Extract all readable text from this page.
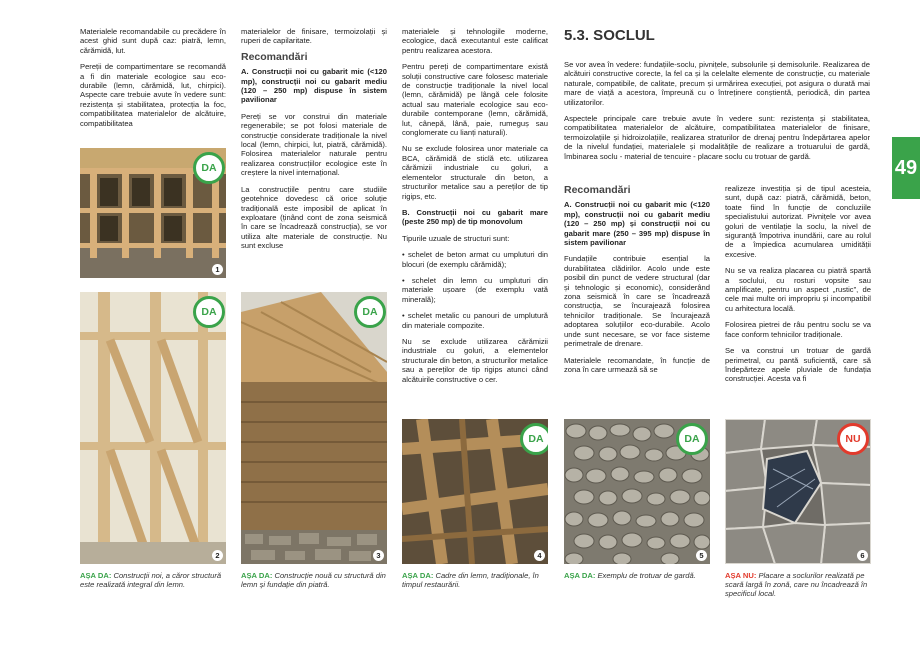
Materialele recomandabile cu precădere în acest ghid sunt după caz: piatră, lemn, cărămidă, lut.

Pereții de compartimentare se recomandă a fi din materiale ecologice sau eco-durabile (lemn, cărămidă, lut, chirpici). Aspecte care trebuie avute în vedere sunt: rezistența și stabilitatea, protecția la foc, compatibilitatea materialelor de alcătuire, compatibilitatea

materialelor de finisare, termoizolații și ruperi de capilaritate.

Recomandări

A. Construcții noi cu gabarit mic (<120 mp), construcții noi cu gabarit mediu (120 – 250 mp) dispuse în sistem pavilionar

Pereți se vor construi din materiale regenerabile; se pot folosi materiale de construcție considerate tradiționale la nivel local (lemn, chirpici, lut, piatră, cărămidă). Folosirea materialelor naturale pentru realizarea construcțiilor ecologice este în creștere la nivel internațional.

La construcțiile pentru care studiile geotehnice dovedesc că orice soluție tradițională este imposibil de aplicat în exploatare (ținând cont de zona seismică în care se încadrează construcția), se vor utiliza alte materiale de construcție. Nu sunt excluse

materialele și tehnologiile moderne, ecologice, dacă executantul este calificat pentru realizarea acestora.

Pentru pereți de compartimentare există soluții constructive care folosesc materiale de construcție tradiționale la nivel local (lemn, cărămidă) pe lângă cele folosite actual sau materiale ecologice sau eco-durabile contemporane (lemn, cărămidă, lut, cânepă, lână, paie, rumeguș sau conglomerate cu lianți naturali).

Nu se exclude folosirea unor materiale ca BCA, cărămidă de sticlă etc. utilizarea cărămizii industriale cu goluri, a elementelor structurale din beton, a structurilor metalice sau a pereților de tip rigips, etc.

B. Construcții noi cu gabarit mare (peste 250 mp) de tip monovolum

Tipurile uzuale de structuri sunt:

• schelet de beton armat cu umpluturi din blocuri (de exemplu cărămidă);

• schelet din lemn cu umpluturi din materiale ușoare (de exemplu vată minerală);

• schelet metalic cu panouri de umplutură din materiale compozite.

Nu se exclude utilizarea cărămizii industriale cu goluri, a elementelor structurale din beton, a structurilor metalice sau a pereților de tip rigips atunci când alcătuirile constructive o cer.

5.3. SOCLUL

Se vor avea în vedere: fundațiile-soclu, pivnițele, subsolurile și demisolurile. Realizarea de alcătuiri constructive corecte, la fel ca și la celelalte elemente de construcție, cu materiale naturale, compatibile, de calitate, precum și urmărirea execuției, pot asigura o durată mai mare de viață a acestora, împreună cu o întreținere conștientă, periodică, din partea utilizatorilor.

Aspectele principale care trebuie avute în vedere sunt: rezistența și stabilitatea, compatibilitatea materialelor de alcătuire, compatibilitatea materialelor de finisare, termoizolațiile și hidroizolațiile, realizarea straturilor de drenaj pentru îndepărtarea apelor de la nivelul fundației, materialele și modalitățile de realizare a trotuarului de gardă, îmbinarea soclu - material de tencuire - placare soclu cu trotuar de gardă.

Recomandări

A. Construcții noi cu gabarit mic (<120 mp), construcții noi cu gabarit mediu (120 – 250 mp) și construcții noi cu gabarit mare (250 – 395 mp) dispuse în sistem pavilionar

Fundațiile contribuie esențial la durabilitatea clădirilor. Acolo unde este posibil din punct de vedere structural (dar și tehnologic și economic), considerând zona seismică în care se încadrează construcția, se încurajează folosirea tehnicilor tradiționale. Se încurajează adoptarea soluțiilor eco-durabile. Acolo unde sunt necesare, se vor face sisteme perimetrale de drenare.

Materialele recomandate, în funcție de zona în care urmează să se

realizeze investiția și de tipul acesteia, sunt, după caz: piatră, cărămidă, beton, toate fiind în funcție de concluziile specialistului autorizat. Pivnițele vor avea goluri de ventilație la soclu, la nivel de siguranță împotriva inundării, care au rolul de a împiedica acumularea umidității excesive.

Nu se va realiza placarea cu piatră spartă a soclului, cu rosturi vopsite sau amplificate, pentru un aspect „rustic”, de cele mai multe ori impropriu și incompatibil cu arhitectura locală.

Folosirea pietrei de râu pentru soclu se va face conform tehnicilor tradiționale.

Se va construi un trotuar de gardă perimetral, cu pantă suficientă, care să îndepărteze apele pluviale de fundația construcției. Acesta va fi

49
DA
1
DA
2
DA
3
DA
4
DA
5
NU
6
AȘA DA: Construcții noi, a căror structură este realizată integral din lemn.
AȘA DA: Construcție nouă cu structură din lemn și fundație din piatră.
AȘA DA: Cadre din lemn, tradiționale, în timpul restaurării.
AȘA DA: Exemplu de trotuar de gardă.	AȘA NU: Placare a soclurilor realizată pe scară largă în zonă, care nu încadrează în specificul local.
